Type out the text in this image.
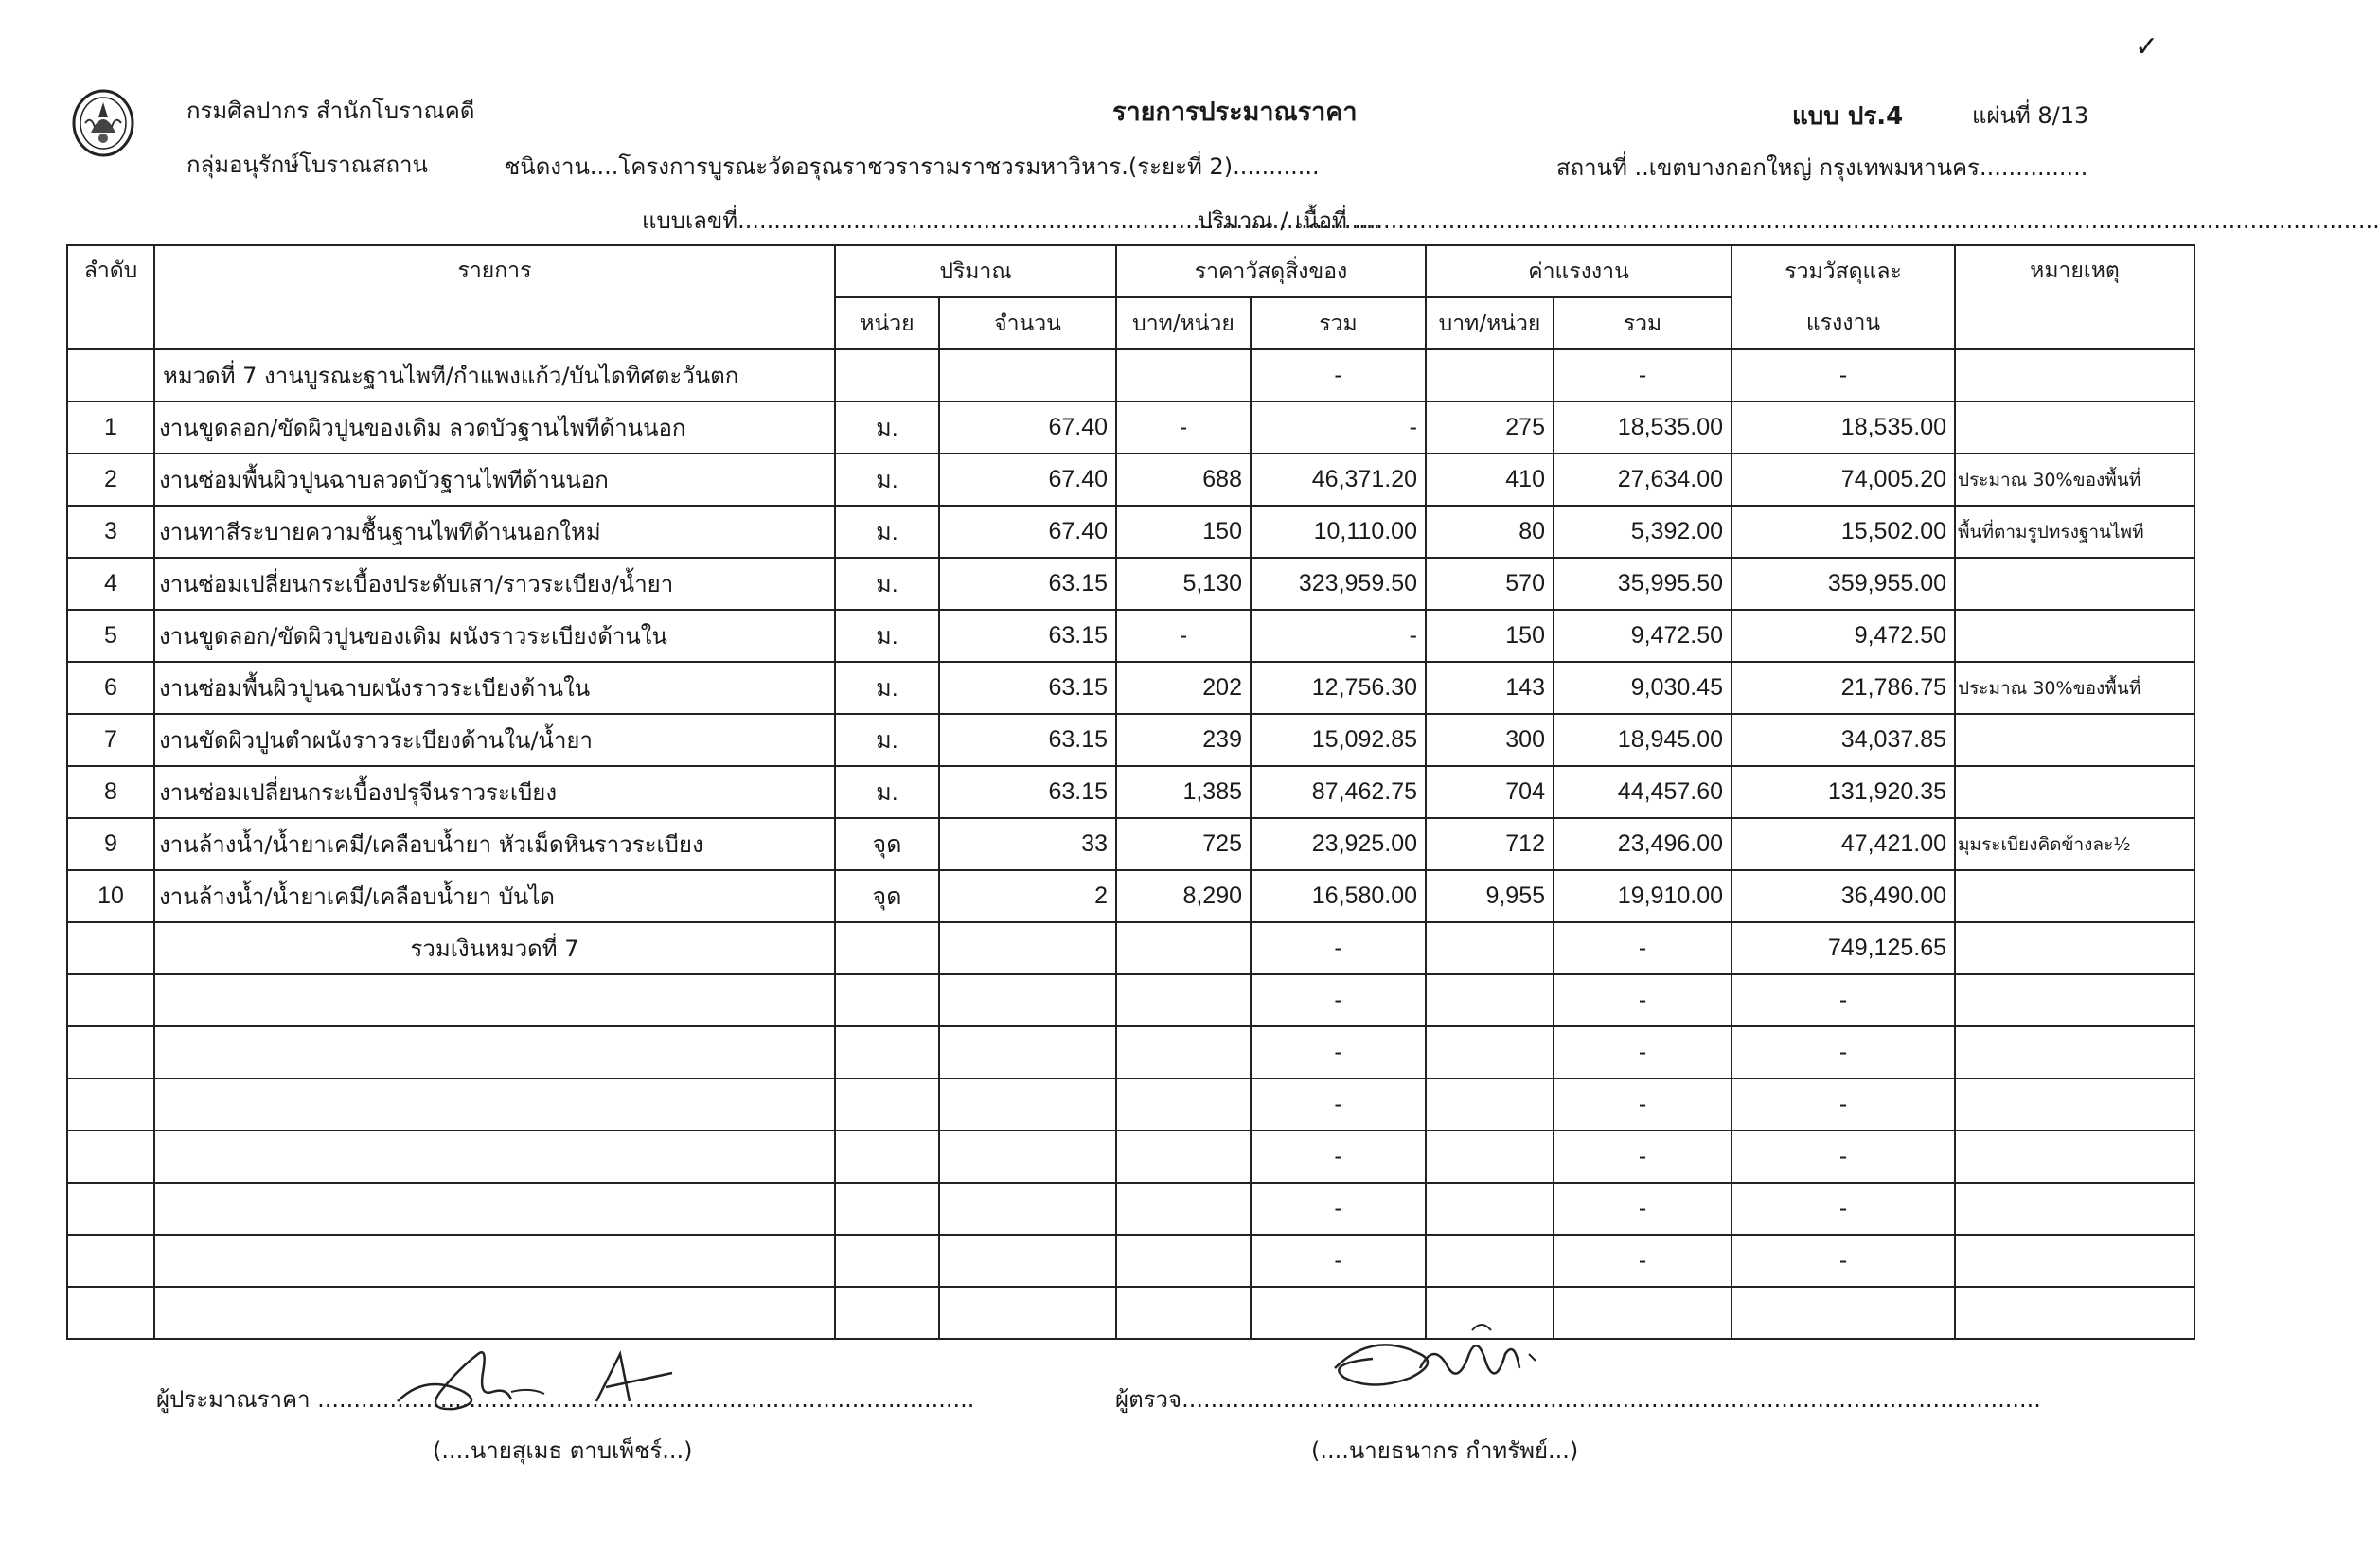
กรมศิลปากร สำนักโบราณคดี
กลุ่มอนุรักษ์โบราณสถาน
รายการประมาณราคา	แบบ ปร.4	แผ่นที่ 8/13
✓
ชนิดงาน....โครงการบูรณะวัดอรุณราชวรารามราชวรมหาวิหาร.(ระยะที่ 2)............	สถานที่ ..เขตบางกอกใหญ่ กรุงเทพมหานคร...............
แบบเลขที่.........................................................................................
ปริมาณ / เนื้อที่ ..............................................................................................................................................
ลำดับ	รายการ	ปริมาณ		ราคาวัสดุสิ่งของ		ค่าแรงงาน		รวมวัสดุและ	หมายเหตุ
		หน่วย	จำนวน	บาท/หน่วย	รวม	บาท/หน่วย	รวม	แรงงาน	
	หมวดที่ 7 งานบูรณะฐานไพที/กำแพงแก้ว/บันไดทิศตะวันตก				-		-	-	
1	งานขูดลอก/ขัดผิวปูนของเดิม ลวดบัวฐานไพทีด้านนอก	ม.	67.40	-	-	275	18,535.00	18,535.00	
2	งานซ่อมพื้นผิวปูนฉาบลวดบัวฐานไพทีด้านนอก	ม.	67.40	688	46,371.20	410	27,634.00	74,005.20	ประมาณ 30%ของพื้นที่
3	งานทาสีระบายความชื้นฐานไพทีด้านนอกใหม่	ม.	67.40	150	10,110.00	80	5,392.00	15,502.00	พื้นที่ตามรูปทรงฐานไพที
4	งานซ่อมเปลี่ยนกระเบื้องประดับเสา/ราวระเบียง/น้ำยา	ม.	63.15	5,130	323,959.50	570	35,995.50	359,955.00	
5	งานขูดลอก/ขัดผิวปูนของเดิม ผนังราวระเบียงด้านใน	ม.	63.15	-	-	150	9,472.50	9,472.50	
6	งานซ่อมพื้นผิวปูนฉาบผนังราวระเบียงด้านใน	ม.	63.15	202	12,756.30	143	9,030.45	21,786.75	ประมาณ 30%ของพื้นที่
7	งานขัดผิวปูนตำผนังราวระเบียงด้านใน/น้ำยา	ม.	63.15	239	15,092.85	300	18,945.00	34,037.85	
8	งานซ่อมเปลี่ยนกระเบื้องปรุจีนราวระเบียง	ม.	63.15	1,385	87,462.75	704	44,457.60	131,920.35	
9	งานล้างน้ำ/น้ำยาเคมี/เคลือบน้ำยา หัวเม็ดหินราวระเบียง	จุด	33	725	23,925.00	712	23,496.00	47,421.00	มุมระเบียงคิดข้างละ½
10	งานล้างน้ำ/น้ำยาเคมี/เคลือบน้ำยา บันได	จุด	2	8,290	16,580.00	9,955	19,910.00	36,490.00	
	รวมเงินหมวดที่ 7				-		-	749,125.65	
					-		-	-	
					-		-	-	
					-		-	-	
					-		-	-	
					-		-	-	
					-		-	-	

ผู้ประมาณราคา ...........................................................................................
(....นายสุเมธ ตาบเพ็ชร์...)
ผู้ตรวจ.......................................................................................................................
(....นายธนากร กำทรัพย์...)
